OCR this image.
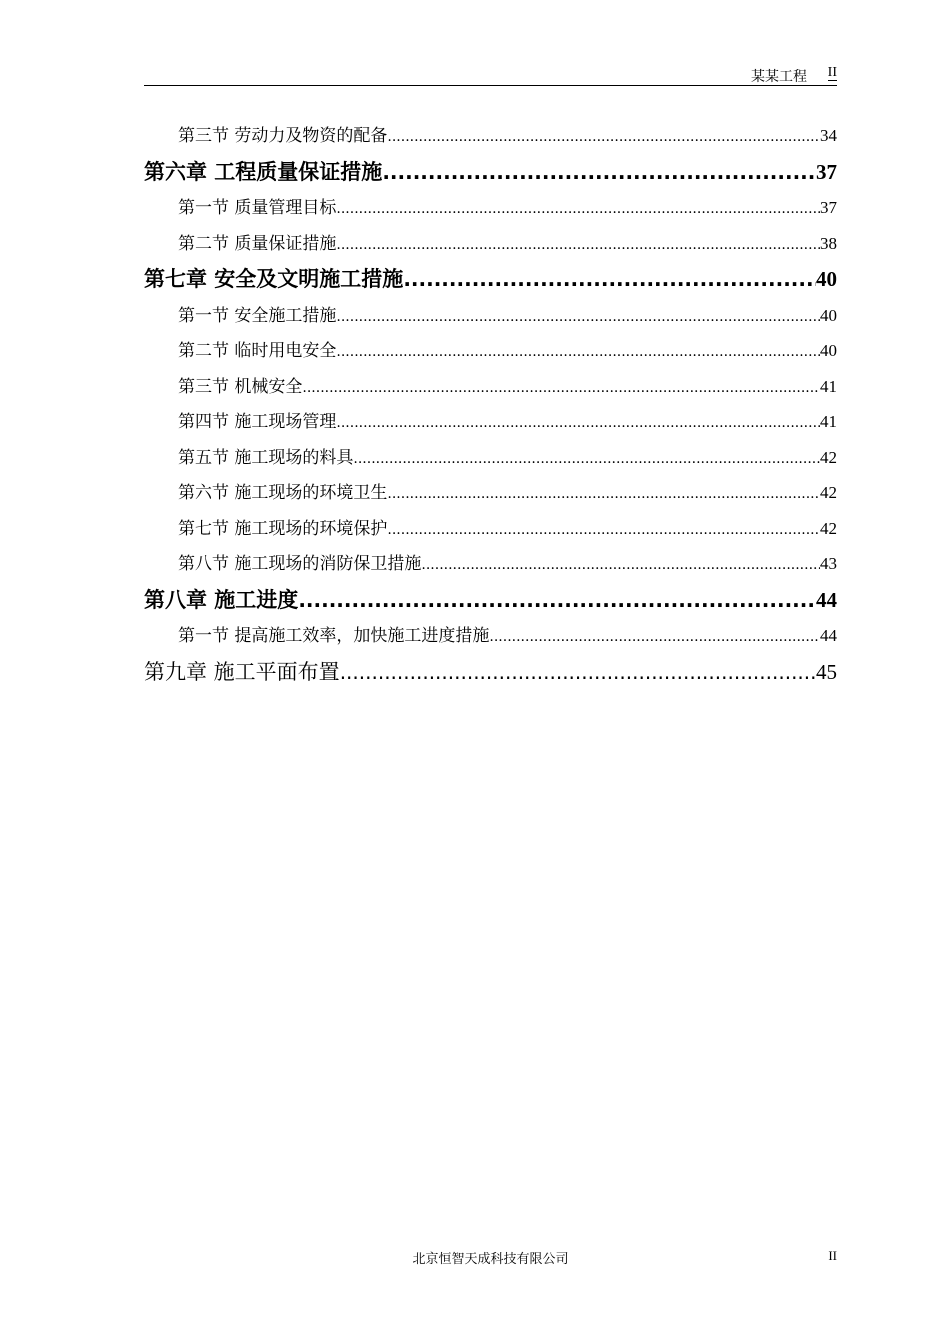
某某工程 II
第三节 劳动力及物资的配备 .....	34
第六章 工程质量保证措施 .....	37
第一节 质量管理目标 .....	37
第二节 质量保证措施 .....	38
第七章 安全及文明施工措施 .....	40
第一节 安全施工措施 .....	40
第二节 临时用电安全 .....	40
第三节 机械安全 .....	41
第四节 施工现场管理 .....	41
第五节 施工现场的料具 .....	42
第六节 施工现场的环境卫生 .....	42
第七节 施工现场的环境保护 .....	42
第八节 施工现场的消防保卫措施 .....	43
第八章 施工进度 .....	44
第一节 提高施工效率，加快施工进度措施 .....	44
第九章 施工平面布置 .....	45
北京恒智天成科技有限公司	II
